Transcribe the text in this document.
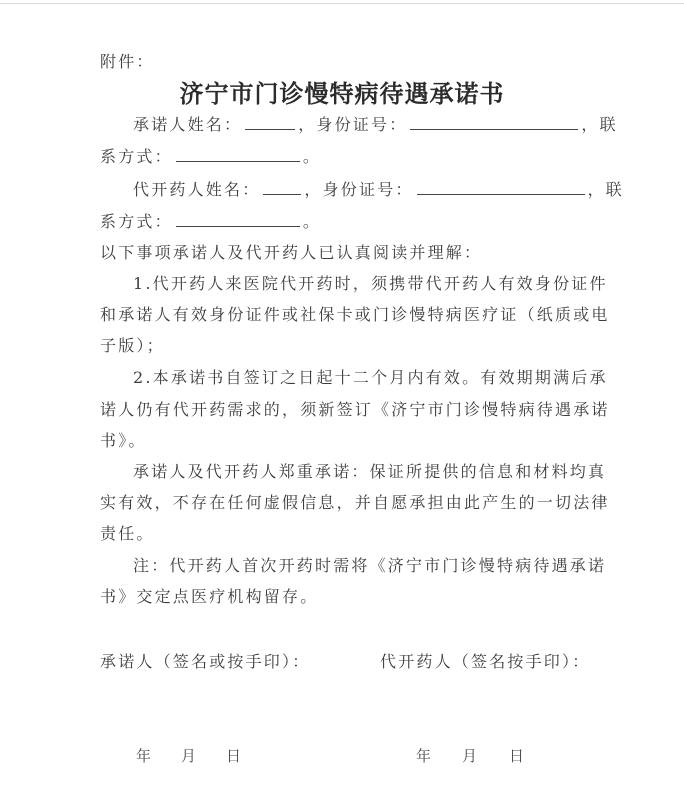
附件：
济宁市门诊慢特病待遇承诺书
承诺人姓名：	，身份证号：	，联
系方式：	。
代开药人姓名：	，身份证号：	，联
系方式：	。
以下事项承诺人及代开药人已认真阅读并理解：
1.代开药人来医院代开药时，须携带代开药人有效身份证件
和承诺人有效身份证件或社保卡或门诊慢特病医疗证（纸质或电
子版）；
2.本承诺书自签订之日起十二个月内有效。有效期期满后承
诺人仍有代开药需求的，须新签订《济宁市门诊慢特病待遇承诺
书》。
承诺人及代开药人郑重承诺：保证所提供的信息和材料均真
实有效，不存在任何虚假信息，并自愿承担由此产生的一切法律
责任。
注：代开药人首次开药时需将《济宁市门诊慢特病待遇承诺
书》交定点医疗机构留存。
承诺人（签名或按手印）：	代开药人（签名按手印）：
年 月 日	年 月 日
